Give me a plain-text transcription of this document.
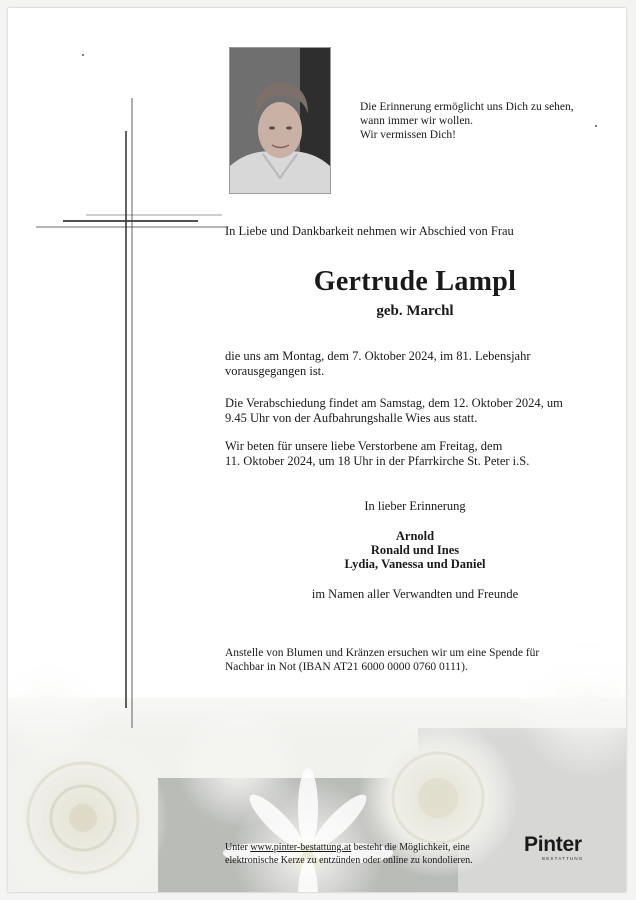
Die Erinnerung ermöglicht uns Dich zu sehen,
wann immer wir wollen.
Wir vermissen Dich!
In Liebe und Dankbarkeit nehmen wir Abschied von Frau
Gertrude Lampl
geb. Marchl
die uns am Montag, dem 7. Oktober 2024, im 81. Lebensjahr
vorausgegangen ist.
Die Verabschiedung findet am Samstag, dem 12. Oktober 2024, um
9.45 Uhr von der Aufbahrungshalle Wies aus statt.
Wir beten für unsere liebe Verstorbene am Freitag, dem
11. Oktober 2024, um 18 Uhr in der Pfarrkirche St. Peter i.S.
In lieber Erinnerung
Arnold
Ronald und Ines
Lydia, Vanessa und Daniel
im Namen aller Verwandten und Freunde
Anstelle von Blumen und Kränzen ersuchen wir um eine Spende für
Nachbar in Not (IBAN AT21 6000 0000 0760 0111).
Unter www.pinter-bestattung.at besteht die Möglichkeit, eine
elektronische Kerze zu entzünden oder online zu kondolieren.
Pinter
BESTATTUNG
